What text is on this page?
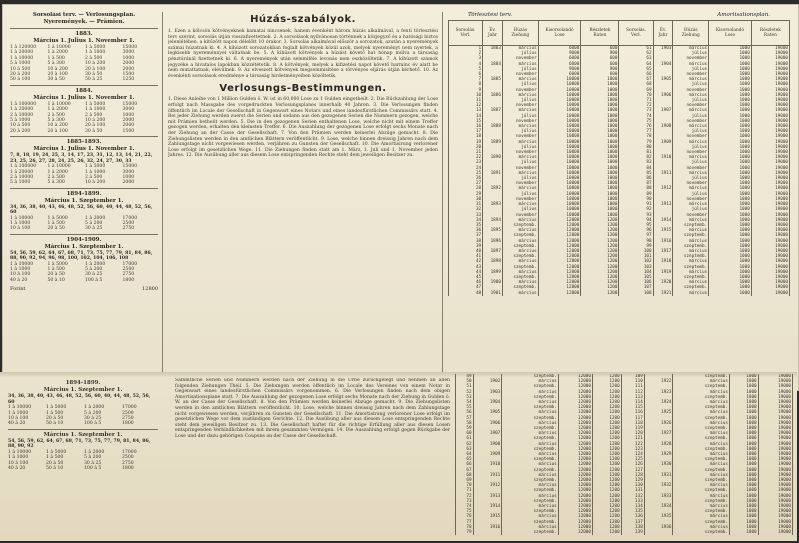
Sorsolási terv. — Verlosungsplan.
Nyeremények. — Prämien.
1883.
Március 1. Julius 1. November 1.
1 à 120000	1 à 10000	1 à 5000	15000
1 à 20000	1 à 2000	1 à 1000	3000
1 à 10000	1 à 500	2 à 500	1000
5 à 1000	5 à 300	10 à 200	2000
10 à 500	10 à 200	20 à 100	2000
20 à 200	20 à 100	30 à 50	1500
50 à 100	30 à 50	50 à 25	1250
1884.
Március 1. Julius 1. November 1.
1 à 100000	1 à 10000	1 à 5000	15000
1 à 20000	1 à 2000	1 à 1000	3000
2 à 10000	2 à 500	2 à 500	1000
5 à 1000	5 à 300	10 à 200	2000
10 à 500	10 à 200	20 à 100	2000
20 à 200	20 à 100	30 à 50	1500
1885-1893.
Március 1. Julius 1. November 1.
7, 8, 18, 19, 24, 25, 3, 14, 17, 23, 31, 12, 13, 14, 21, 22, 23, 25, 26, 27, 28, 24, 25, 26, 32, 24, 27, 30, 33
1 à 100000	1 à 10000	1 à 5000	15000
1 à 20000	1 à 2000	1 à 1000	3000
2 à 10000	2 à 500	2 à 500	1000
5 à 1000	5 à 300	10 à 200	2000
1894-1899.
Március 1. Szeptember 1.
34, 36, 38, 40, 43, 46, 48, 52, 56, 60, 40, 44, 48, 52, 56, 60
1 à 10000	1 à 5000	1 à 2000	17000
1 à 1000	1 à 500	5 à 200	2500
10 à 100	20 à 50	30 à 25	2750
1904-1909.
Március 1. Szeptember 1.
54, 56, 59, 62, 64, 67, 68, 71, 73, 75, 77, 79, 81, 84, 86, 88, 90, 92, 94, 96, 98, 100, 102, 104, 106, 108
1 à 10000	1 à 5000	1 à 2000	17000
1 à 1000	1 à 500	5 à 200	2500
10 à 100	20 à 50	30 à 25	2750
40 à 20	50 à 10	100 à 5	1800
Forint	12800
Húzás-szabályok.
1. Ezen a kölcsön kötvényeknek kamatai nincsenek, hanem évenként három húzás alkalmával, a fenti törlesztési terv szerint, sorsolás útján visszafizettetnek. 2. A sorsolások nyilvánosan történnek a közjegyző és a hatósági biztos jelenlétében, a kitűzött napon délelőtt 10 órakor. 3. Sorsolás alkalmával először a sorozatok, azután a nyeremények számai húzatnak ki. 4. A kihúzott sorozatokban foglalt kötvények közül azok, melyek nyereményt nem nyertek, a legkisebb nyereménnyel váltatnak be. 5. A kihúzott kötvények a húzást követő hat hónap múlva a társaság pénztáránál fizettetnek ki. 6. A nyeremények után semmiféle levonás nem eszközöltetik. 7. A kihúzott számok jegyzéke a hivatalos lapokban közzététetik. 8. A kötvények, melyek a kifizetési napot követő harminc év alatt be nem mutattatnak, elévülnek. 9. Az elveszett kötvények megsemmisítése a törvényes eljárás útján kérhető. 10. Az évenkénti sorsolások eredménye a társaság hirdetményeiben közöltetik.
Verlosungs-Bestimmungen.
1. Diese Anleihe von 1 Million Gulden ö. W. ist in 60,000 Lose zu 1 Gulden eingetheilt. 2. Die Rückzahlung der Lose erfolgt nach Massgabe des vorgedruckten Verlosungsplanes innerhalb 40 Jahren. 3. Die Verlosungen finden öffentlich im Locale der Gesellschaft in Gegenwart eines Notars und eines landesfürstlichen Commissärs statt. 4. Bei jeder Ziehung werden zuerst die Serien und sodann aus den gezogenen Serien die Nummern gezogen, welche mit Prämien betheilt werden. 5. Die in den gezogenen Serien enthaltenen Lose, welche nicht mit einem Treffer gezogen werden, erhalten den kleinsten Treffer. 6. Die Auszahlung der gezogenen Lose erfolgt sechs Monate nach der Ziehung an der Casse der Gesellschaft. 7. Von den Prämien werden keinerlei Abzüge gemacht. 8. Die Ziehungslisten werden in den amtlichen Blättern veröffentlicht. 9. Lose, welche binnen dreissig Jahren nach dem Zahlungstage nicht vorgewiesen werden, verjähren zu Gunsten der Gesellschaft. 10. Die Amortisirung verlorener Lose erfolgt im gesetzlichen Wege. 11. Die Ziehungen finden statt am 1. März, 1. Juli und 1. November jeden Jahres. 12. Die Ausübung aller aus diesem Lose entspringenden Rechte steht dem jeweiligen Besitzer zu.
Törlesztési terv.	Amortisationsplan.
Sorsolás. Verl.	Év. Jahr	Húzás Ziehung	Kisorsolandó Lose	Részletek Raten	Sorsolás. Verl.	Év. Jahr	Húzás Ziehung	Kisorsolandó Lose	Részletek Raten
1	1883	március	6000	600	61	1903	március	1000	19000
2		július	9000	900	62		július	1000	19000
3		november	6000	600	63		november	1000	19000
4	1884	március	6000	600	64	1904	március	1000	19000
5		július	9000	900	65		július	1000	19000
6		november	6000	600	66		november	1000	19000
7	1885	március	10000	1000	67	1905	március	1000	19000
8		július	10000	1000	68		július	1000	19000
9		november	10000	1000	69		november	1000	19000
10	1886	március	10000	1000	70	1906	március	1000	19000
11		július	10000	1000	71		július	1000	19000
12		november	10000	1000	72		november	1000	19000
13	1887	március	10000	1000	73	1907	március	1000	19000
14		július	10000	1000	74		július	1000	19000
15		november	10000	1000	75		november	1000	19000
16	1888	március	10000	1000	76	1908	március	1000	19000
17		július	10000	1000	77		július	1000	19000
18		november	10000	1000	78		november	1000	19000
19	1889	március	10000	1000	79	1909	március	1000	19000
20		július	10000	1000	80		július	1000	19000
21		november	10000	1000	81		november	1000	19000
22	1890	március	10000	1000	82	1910	március	1000	19000
23		július	10000	1000	83		július	1000	19000
24		november	10000	1000	84		november	1000	19000
25	1891	március	10000	1000	85	1911	március	1000	19000
26		július	10000	1000	86		július	1000	19000
27		november	10000	1000	87		november	1000	19000
28	1892	március	10000	1000	88	1912	március	1000	19000
29		július	10000	1000	89		július	1000	19000
30		november	10000	1000	90		november	1000	19000
31	1893	március	10000	1000	91	1913	március	1000	19000
32		július	10000	1000	92		július	1000	19000
33		november	10000	1000	93		november	1000	19000
34	1894	március	12000	1200	94	1914	március	1000	19000
35		szeptemb.	12000	1200	95		szeptemb.	1000	19000
36	1895	március	12000	1200	96	1915	március	1000	19000
37		szeptemb.	12000	1200	97		szeptemb.	1000	19000
38	1896	március	12000	1200	98	1916	március	1000	19000
39		szeptemb.	12000	1200	99		szeptemb.	1000	19000
40	1897	március	12000	1200	100	1917	március	1000	19000
41		szeptemb.	12000	1200	101		szeptemb.	1000	19000
42	1898	március	12000	1200	102	1918	március	1000	19000
43		szeptemb.	12000	1200	103		szeptemb.	1000	19000
44	1899	március	12000	1200	104	1919	március	1000	19000
45		szeptemb.	12000	1200	105		szeptemb.	1000	19000
46	1900	március	12000	1200	106	1920	március	1000	19000
47		szeptemb.	12000	1200	107		szeptemb.	1000	19000
48	1901	március	12000	1200	108	1921	március	1000	19000
1894-1899.
Március 1. Szeptember 1.
34, 36, 38, 40, 43, 46, 48, 52, 56, 60, 40, 44, 48, 52, 56, 60
1 à 10000	1 à 5000	1 à 2000	17000
1 à 1000	1 à 500	5 à 200	2500
10 à 100	20 à 50	30 à 25	2750
40 à 20	50 à 10	100 à 5	1800
Március 1. Szeptember 1.
54, 56, 59, 62, 64, 67, 68, 71, 73, 75, 77, 79, 81, 84, 86, 88, 90, 92
1 à 10000	1 à 5000	1 à 2000	17000
1 à 1000	1 à 500	5 à 200	2500
10 à 100	20 à 50	30 à 25	2750
40 à 20	50 à 10	100 à 5	1800
Sämmtliche Serien und Nummern werden nach der Ziehung in die Urne zurückgelegt und nehmen an allen folgenden Ziehungen Theil. 5. Die Ziehungen werden öffentlich im Locale des Vereines von einem Notar in Gegenwart eines landesfürstlichen Commissärs vorgenommen. 6. Die Verlosungen finden nach dem obigen Amortisationsplane statt. 7. Die Auszahlung der gezogenen Lose erfolgt sechs Monate nach der Ziehung in Gulden ö. W. an der Casse der Gesellschaft. 8. Von den Prämien werden keinerlei Abzüge gemacht. 9. Die Ziehungslisten werden in den amtlichen Blättern veröffentlicht. 10. Lose, welche binnen dreissig Jahren nach dem Zahlungstage nicht vorgewiesen werden, verjähren zu Gunsten der Gesellschaft. 11. Die Amortisirung verlorener Lose erfolgt im gesetzlichen Wege vor dem zuständigen Gerichte. 12. Die Ausübung aller aus diesem Lose entspringenden Rechte steht dem jeweiligen Besitzer zu. 13. Die Gesellschaft haftet für die richtige Erfüllung aller aus diesen Losen entspringenden Verbindlichkeiten mit ihrem gesammten Vermögen. 14. Die Auszahlung erfolgt gegen Rückgabe der Lose und der dazu gehörigen Coupons an der Casse der Gesellschaft.
49		szeptemb.	12000	1200	109		szeptemb.	1000	19000
50	1902	március	12000	1200	110	1922	március	1000	19000
51		szeptemb.	12000	1200	111		szeptemb.	1000	19000
52	1903	március	12000	1200	112	1923	március	1000	19000
53		szeptemb.	12000	1200	113		szeptemb.	1000	19000
54	1904	március	12000	1200	114	1924	március	1000	19000
55		szeptemb.	12000	1200	115		szeptemb.	1000	19000
56	1905	március	12000	1200	116	1925	március	1000	19000
57		szeptemb.	12000	1200	117		szeptemb.	1000	19000
58	1906	március	12000	1200	118	1926	március	1000	19000
59		szeptemb.	12000	1200	119		szeptemb.	1000	19000
60	1907	március	12000	1200	120	1927	március	1000	19000
61		szeptemb.	12000	1200	121		szeptemb.	1000	19000
62	1908	március	12000	1200	122	1928	március	1000	19000
63		szeptemb.	12000	1200	123		szeptemb.	1000	19000
64	1909	március	12000	1200	124	1929	március	1000	19000
65		szeptemb.	12000	1200	125		szeptemb.	1000	19000
66	1910	március	12000	1200	126	1930	március	1000	19000
67		szeptemb.	12000	1200	127		szeptemb.	1000	19000
68	1911	március	12000	1200	128	1931	március	1000	19000
69		szeptemb.	12000	1200	129		szeptemb.	1000	19000
70	1912	március	12000	1200	130	1932	március	1000	19000
71		szeptemb.	12000	1200	131		szeptemb.	1000	19000
72	1913	március	12000	1200	132	1933	március	1000	19000
73		szeptemb.	12000	1200	133		szeptemb.	1000	19000
74	1914	március	12000	1200	134	1934	március	1000	19000
75		szeptemb.	12000	1200	135		szeptemb.	1000	19000
76	1915	március	12000	1200	136	1935	március	1000	19000
77		szeptemb.	12000	1200	137		szeptemb.	1000	19000
78	1916	március	12000	1200	138	1936	március	1000	19000
79		szeptemb.	12000	1200	139		szeptemb.	1000	19000
